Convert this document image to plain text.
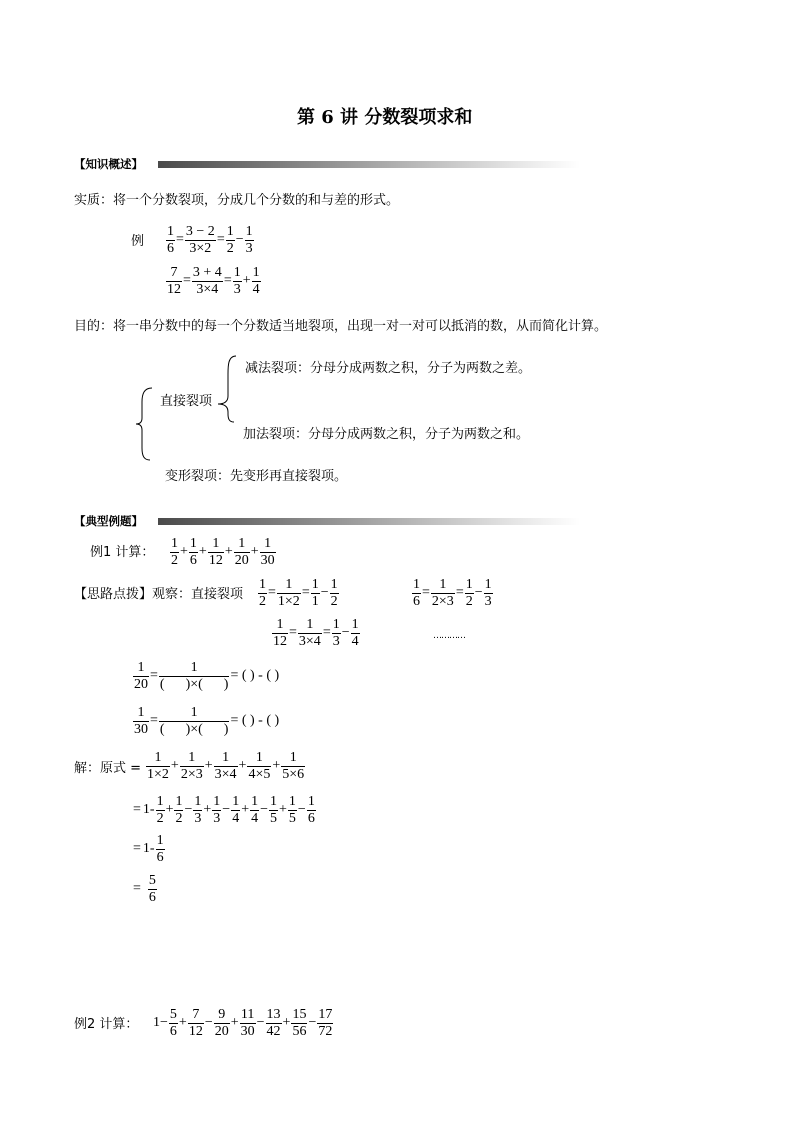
第 6 讲 分数裂项求和
【知识概述】
实质：将一个分数裂项，分成几个分数的和与差的形式。
例 $\frac{1}{6} = \frac{3 - 2}{3\times 2} = \frac{1}{2} - \frac{1}{3}$
$\frac{7}{12} = \frac{3 + 4}{3\times 4} = \frac{1}{3} + \frac{1}{4}$
目的：将一串分数中的每一个分数适当地裂项，出现一对一对可以抵消的数，从而简化计算。
直接裂项
减法裂项：分母分成两数之积，分子为两数之差。
加法裂项：分母分成两数之积，分子为两数之和。
变形裂项：先变形再直接裂项。
【典型例题】
例1 计算： $\frac{1}{2} + \frac{1}{6} + \frac{1}{12} + \frac{1}{20} + \frac{1}{30}$
【思路点拨】观察：直接裂项 $\frac{1}{2} = \frac{1}{1\times 2} = \frac{1}{1} - \frac{1}{2}$	$\frac{1}{6} = \frac{1}{2\times 3} = \frac{1}{2} - \frac{1}{3}$
$\frac{1}{12} = \frac{1}{3\times 4} = \frac{1}{3} - \frac{1}{4}$	…………
$\frac{1}{20} = \frac{1}{( )\times( )}$ = ( ) - ( )
$\frac{1}{30} = \frac{1}{( )\times( )}$ = ( ) - ( )
解：原式 = $\frac{1}{1\times 2} + \frac{1}{2\times 3} + \frac{1}{3\times 4} + \frac{1}{4\times 5} + \frac{1}{5\times 6}$
= $1- \frac{1}{2} + \frac{1}{2} - \frac{1}{3} + \frac{1}{3} - \frac{1}{4} + \frac{1}{4} - \frac{1}{5} + \frac{1}{5} - \frac{1}{6}$
= $1- \frac{1}{6}$
= $\frac{5}{6}$
例2 计算： $1- \frac{5}{6} + \frac{7}{12} - \frac{9}{20} + \frac{11}{30} - \frac{13}{42} + \frac{15}{56} - \frac{17}{72}$
